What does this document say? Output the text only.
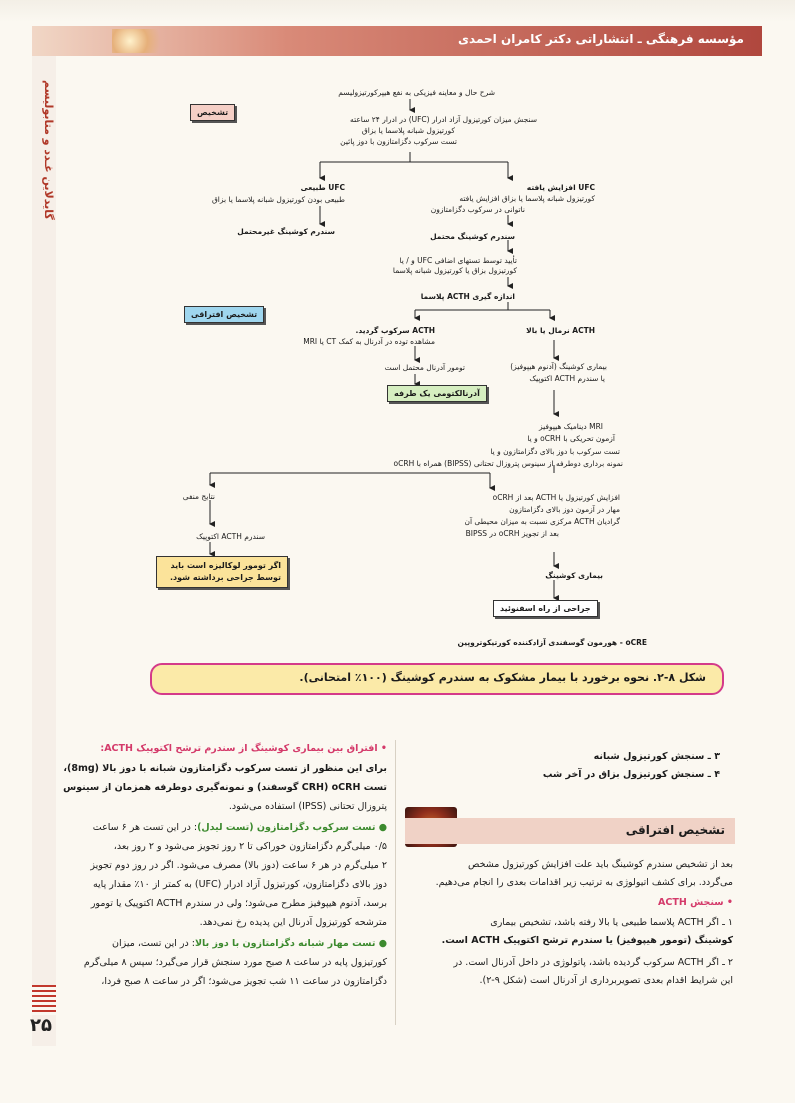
مؤسسه فرهنگی ـ انتشاراتی دکتر کامران احمدی
گایدلاین غـدد و متابولیسم
۲۵
شرح حال و معاینه فیزیکی به نفع هیپرکورتیزولیسم
سنجش میزان کورتیزول آزاد ادرار (UFC) در ادرار ۲۴ ساعته
کورتیزول شبانه پلاسما یا بزاق
تست سرکوب دگزامتازون با دوز پائین
تشخیص
UFC افزایش یافته
کورتیزول شبانه پلاسما یا بزاق افزایش یافته
ناتوانی در سرکوب دگزامتازون
UFC طبیعی
طبیعی بودن کورتیزول شبانه پلاسما یا بزاق
سندرم کوشینگ محتمل
سندرم کوشینگ غیرمحتمل
تأیید توسط تستهای اضافی UFC و / یا
کورتیزول بزاق یا کورتیزول شبانه پلاسما
اندازه گیری ACTH پلاسما
تشخیص افتراقی
ACTH سرکوب گردید.
مشاهده توده در آدرنال به کمک CT یا MRI
ACTH نرمال یا بالا
تومور آدرنال محتمل است
آدرنالکتومی یک طرفه
بیماری کوشینگ (آدنوم هیپوفیز)
یا سندرم ACTH اکتوپیک
MRI دینامیک هیپوفیز
آزمون تحریکی با oCRH و یا
تست سرکوب با دوز بالای دگزامتازون و یا
نمونه برداری دوطرفه از سینوس پتروزال تحتانی (BIPSS) همراه با oCRH
نتایج منفی
سندرم ACTH اکتوپیک
اگر تومور لوکالیزه است باید توسط جراحی برداشته شود.
افزایش کورتیزول یا ACTH بعد از oCRH
مهار در آزمون دوز بالای دگزامتازون
گرادیان ACTH مرکزی نسبت به میزان محیطی آن
بعد از تجویز oCRH در BIPSS
بیماری کوشینگ
جراحی از راه اسفنوئید
oCRE - هورمون گوسفندی آزادکننده کورتیکوتروپین
شکل ۸-۲. نحوه برخورد با بیمار مشکوک به سندرم کوشینگ (۱۰۰٪ امتحانی).
۳ ـ سنجش کورتیزول شبانه
۴ ـ سنجش کورتیزول بزاق در آخر شب
تشخیص افتراقی
بعد از تشخیص سندرم کوشینگ باید علت افزایش کورتیزول مشخص
می‌گردد. برای کشف اتیولوژی به ترتیب زیر اقدامات بعدی را انجام می‌دهیم.
• سنجش ACTH
۱ ـ اگر ACTH پلاسما طبیعی یا بالا رفته باشد، تشخیص بیماری
کوشینگ (تومور هیپوفیز) یا سندرم ترشح اکتوپیک ACTH است.
۲ ـ اگر ACTH سرکوب گردیده باشد، پاتولوژی در داخل آدرنال است. در
این شرایط اقدام بعدی تصویربرداری از آدرنال است (شکل ۹-۲).
• افتراق بین بیماری کوشینگ از سندرم ترشح اکتوپیک ACTH:
برای این منظور از تست سرکوب دگزامتازون شبانه با دوز بالا (8mg)،
تست oCRH (CRH گوسفند) و نمونه‌گیری دوطرفه همزمان از سینوس
پتروزال تحتانی (IPSS) استفاده می‌شود.
● تست سرکوب دگزامتازون (تست لیدل): در این تست هر ۶ ساعت
۰/۵ میلی‌گرم دگزامتازون خوراکی تا ۲ روز تجویز می‌شود و ۲ روز بعد،
۲ میلی‌گرم در هر ۶ ساعت (دوز بالا) مصرف می‌شود. اگر در روز دوم تجویز
دوز بالای دگزامتازون، کورتیزول آزاد ادرار (UFC) به کمتر از ۱۰٪ مقدار پایه
برسد، آدنوم هیپوفیز مطرح می‌شود؛ ولی در سندرم ACTH اکتوپیک یا تومور
مترشحه کورتیزول آدرنال این پدیده رخ نمی‌دهد.
● تست مهار شبانه دگزامتازون با دوز بالا: در این تست، میزان
کورتیزول پایه در ساعت ۸ صبح مورد سنجش قرار می‌گیرد؛ سپس ۸ میلی‌گرم
دگزامتازون در ساعت ۱۱ شب تجویز می‌شود؛ اگر در ساعت ۸ صبح فردا،
